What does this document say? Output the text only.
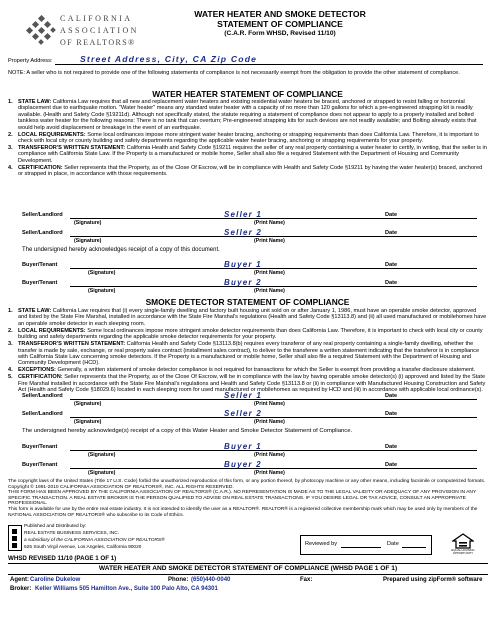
CALIFORNIA
ASSOCIATION
OF REALTORS®
WATER HEATER AND SMOKE DETECTOR
STATEMENT OF COMPLIANCE
(C.A.R. Form WHSD, Revised 11/10)
Property Address:	Street Address, City, CA Zip Code
NOTE: A seller who is not required to provide one of the following statements of compliance is not necessarily exempt from the obligation to provide the other statement of compliance.
WATER HEATER STATEMENT OF COMPLIANCE
1. STATE LAW: California Law requires that all new and replacement water heaters and existing residential water heaters be braced, anchored or strapped to resist falling or horizontal displacement due to earthquake motion. "Water heater" means any standard water heater with a capacity of no more than 120 gallons for which a pre-engineered strapping kit is readily available. (Health and Safety Code §19211d). Although not specifically stated, the statute requiring a statement of compliance does not appear to apply to a properly installed and bolted tankless water heater for the following reasons: There is no tank that can overturn; Pre-engineered strapping kits for such devices are not readily available; and Bolting already exists that would help avoid displacement or breakage in the event of an earthquake.
2. LOCAL REQUIREMENTS: Some local ordinances impose more stringent water heater bracing, anchoring or strapping requirements than does California Law. Therefore, it is important to check with local city or county building and safety departments regarding the applicable water heater bracing, anchoring or strapping requirements for your property.
3. TRANSFEROR'S WRITTEN STATEMENT: California Health and Safety Code §19211 requires the seller of any real property containing a water heater to certify, in writing, that the seller is in compliance with California State Law. If the Property is a manufactured or mobile home, Seller shall also file a required Statement with the Department of Housing and Community Development.
4. CERTIFICATION: Seller represents that the Property, as of the Close Of Escrow, will be in compliance with Health and Safety Code §19211 by having the water heater(s) braced, anchored or strapped in place, in accordance with those requirements.
Seller/Landlord	Seller 1
(Signature)	(Print Name)
Date
Seller/Landlord	Seller 2
(Signature)	(Print Name)
Date
The undersigned hereby acknowledges receipt of a copy of this document.
Buyer/Tenant	Buyer 1
(Signature)	(Print Name)
Date
Buyer/Tenant	Buyer 2
(Signature)	(Print Name)
Date
SMOKE DETECTOR STATEMENT OF COMPLIANCE
1. STATE LAW: California Law requires that (i) every single-family dwelling and factory built housing unit sold on or after January 1, 1986, must have an operable smoke detector, approved and listed by the State Fire Marshal, installed in accordance with the State Fire Marshal's regulations (Health and Safety Code §13113.8) and (ii) all used manufactured or mobilehomes have an operable smoke detector in each sleeping room.
2. LOCAL REQUIREMENTS: Some local ordinances impose more stringent smoke detector requirements than does California Law. Therefore, it is important to check with local city or county building and safety departments regarding the applicable smoke detector requirements for your property.
3. TRANSFEROR'S WRITTEN STATEMENT: California Health and Safety Code §13113.8(b) requires every transferor of any real property containing a single-family dwelling, whether the transfer is made by sale, exchange, or real property sales contract (installment sales contract), to deliver to the transferee a written statement indicating that the transferor is in compliance with California State Law concerning smoke detectors. If the Property is a manufactured or mobile home, Seller shall also file a required Statement with the Department of Housing and Community Development (HCD).
4. EXCEPTIONS: Generally, a written statement of smoke detector compliance is not required for transactions for which the Seller is exempt from providing a transfer disclosure statement.
5. CERTIFICATION: Seller represents that the Property, as of the Close Of Escrow, will be in compliance with the law by having operable smoke detector(s) (i) approved and listed by the State Fire Marshal installed in accordance with the State Fire Marshal's regulations and Health and Safety Code §13113.8 or (ii) in compliance with Manufactured Housing Construction and Safety Act (Health and Safety Code §18029.6) located in each sleeping room for used manufactured or mobilehomes as required by HCD and (iii) in accordance with applicable local ordinance(s).
Seller/Landlord	Seller 1
(Signature)	(Print Name)
Date
Seller/Landlord	Seller 2
(Signature)	(Print Name)
Date
The undersigned hereby acknowledge(s) receipt of a copy of this Water Heater and Smoke Detector Statement of Compliance.
Buyer/Tenant	Buyer 1
(Signature)	(Print Name)
Date
Buyer/Tenant	Buyer 2
(Signature)	(Print Name)
Date
The copyright laws of the United States (Title 17 U.S. Code) forbid the unauthorized reproduction of this form, or any portion thereof, by photocopy machine or any other means, including facsimile or computerized formats. Copyright © 1991-2010 CALIFORNIA ASSOCIATION OF REALTORS®, INC. ALL RIGHTS RESERVED.
THIS FORM HAS BEEN APPROVED BY THE CALIFORNIA ASSOCIATION OF REALTORS® (C.A.R.). NO REPRESENTATION IS MADE AS TO THE LEGAL VALIDITY OR ADEQUACY OF ANY PROVISION IN ANY SPECIFIC TRANSACTION. A REAL ESTATE BROKER IS THE PERSON QUALIFIED TO ADVISE ON REAL ESTATE TRANSACTIONS. IF YOU DESIRE LEGAL OR TAX ADVICE, CONSULT AN APPROPRIATE PROFESSIONAL.
This form is available for use by the entire real estate industry. It is not intended to identify the user as a REALTOR®. REALTOR® is a registered collective membership mark which may be used only by members of the NATIONAL ASSOCIATION OF REALTORS® who subscribe to its Code of Ethics.
Published and Distributed by:
REAL ESTATE BUSINESS SERVICES, INC.
a subsidiary of the CALIFORNIA ASSOCIATION OF REALTORS®
525 South Virgil Avenue, Los Angeles, California 90020
Reviewed by	Date
EQUAL HOUSING OPPORTUNITY
WHSD REVISED 11/10 (PAGE 1 OF 1)
WATER HEATER AND SMOKE DETECTOR STATEMENT OF COMPLIANCE (WHSD PAGE 1 OF 1)
Agent: Caroline Dukelow	Phone: (650)440-0040	Fax:	Prepared using zipForm® software
Broker: Keller Williams 505 Hamilton Ave., Suite 100 Palo Alto, CA 94301
